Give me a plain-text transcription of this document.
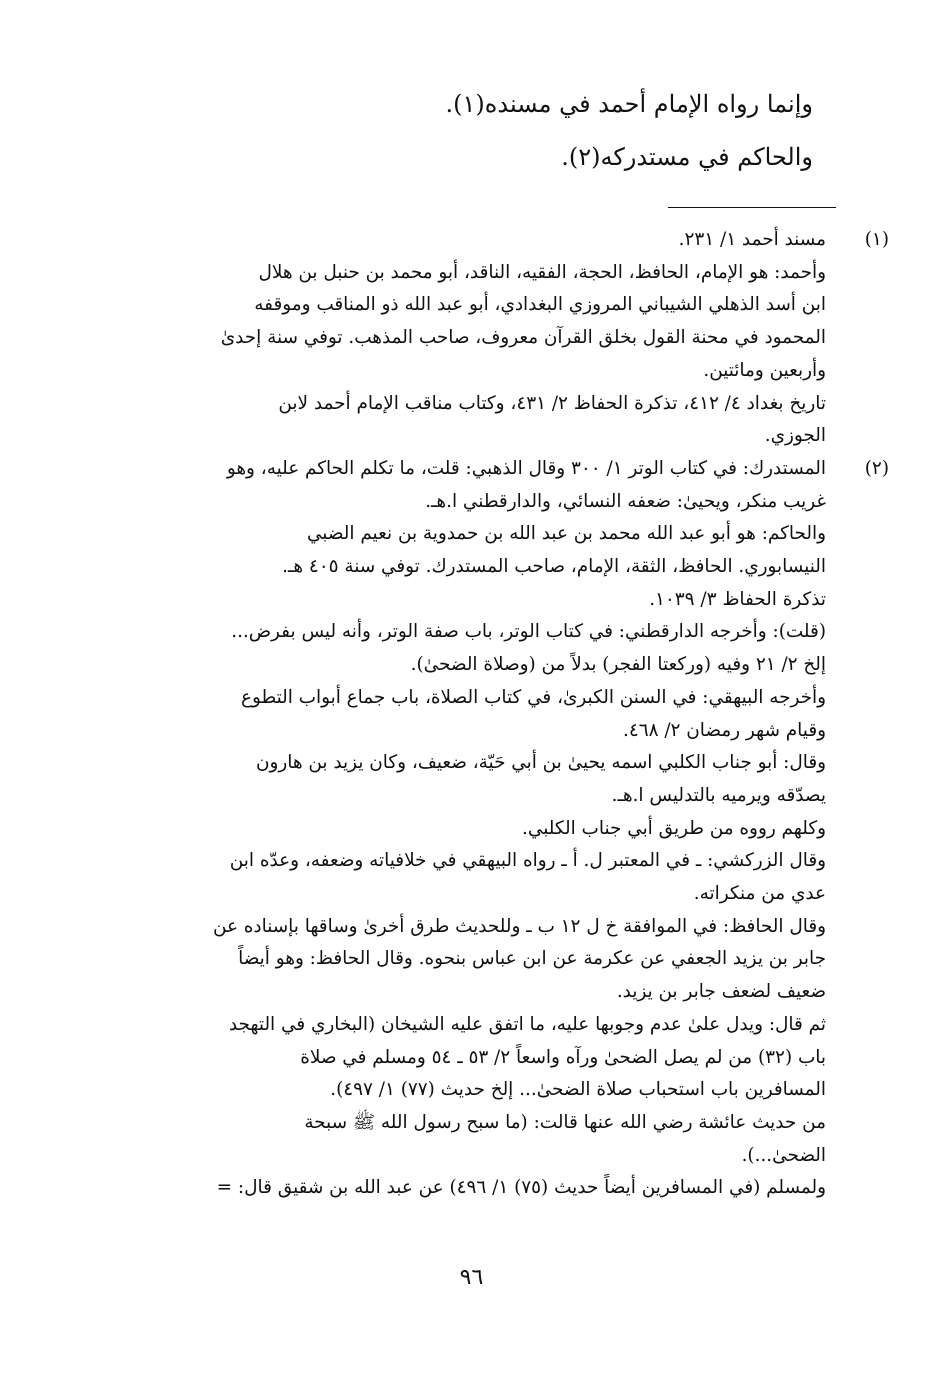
وإنما رواه الإمام أحمد في مسنده(١).
والحاكم في مستدركه(٢).
(١)
مسند أحمد ١/ ٢٣١.
وأحمد: هو الإمام، الحافظ، الحجة، الفقيه، الناقد، أبو محمد بن حنبل بن هلال
ابن أسد الذهلي الشيباني المروزي البغدادي، أبو عبد الله ذو المناقب وموقفه
المحمود في محنة القول بخلق القرآن معروف، صاحب المذهب. توفي سنة إحدىٰ
وأربعين ومائتين.
تاريخ بغداد ٤/ ٤١٢، تذكرة الحفاظ ٢/ ٤٣١، وكتاب مناقب الإمام أحمد لابن
الجوزي.
(٢)
المستدرك: في كتاب الوتر ١/ ٣٠٠ وقال الذهبي: قلت، ما تكلم الحاكم عليه، وهو
غريب منكر، ويحيىٰ: ضعفه النسائي، والدارقطني ا.هـ.
والحاكم: هو أبو عبد الله محمد بن عبد الله بن حمدوية بن نعيم الضبي
النيسابوري. الحافظ، الثقة، الإمام، صاحب المستدرك. توفي سنة ٤٠٥ هـ.
تذكرة الحفاظ ٣/ ١٠٣٩.
(قلت): وأخرجه الدارقطني: في كتاب الوتر، باب صفة الوتر، وأنه ليس بفرض...
إلخ ٢/ ٢١ وفيه (وركعتا الفجر) بدلاً من (وصلاة الضحىٰ).
وأخرجه البيهقي: في السنن الكبرىٰ، في كتاب الصلاة، باب جماع أبواب التطوع
وقيام شهر رمضان ٢/ ٤٦٨.
وقال: أبو جناب الكلبي اسمه يحيىٰ بن أبي حَيّة، ضعيف، وكان يزيد بن هارون
يصدّقه ويرميه بالتدليس ا.هـ.
وكلهم رووه من طريق أبي جناب الكلبي.
وقال الزركشي: ـ في المعتبر ل. أ ـ رواه البيهقي في خلافياته وضعفه، وعدّه ابن
عدي من منكراته.
وقال الحافظ: في الموافقة خ ل ١٢ ب ـ وللحديث طرق أخرىٰ وساقها بإسناده عن
جابر بن يزيد الجعفي عن عكرمة عن ابن عباس بنحوه. وقال الحافظ: وهو أيضاً
ضعيف لضعف جابر بن يزيد.
ثم قال: ويدل علىٰ عدم وجوبها عليه، ما اتفق عليه الشيخان (البخاري في التهجد
باب (٣٢) من لم يصل الضحىٰ ورآه واسعاً ٢/ ٥٣ ـ ٥٤ ومسلم في صلاة
المسافرين باب استحباب صلاة الضحىٰ... إلخ حديث (٧٧) ١/ ٤٩٧).
من حديث عائشة رضي الله عنها قالت: (ما سبح رسول الله ﷺ سبحة
الضحىٰ...).
ولمسلم (في المسافرين أيضاً حديث (٧٥) ١/ ٤٩٦) عن عبد الله بن شقيق قال: =
٩٦
